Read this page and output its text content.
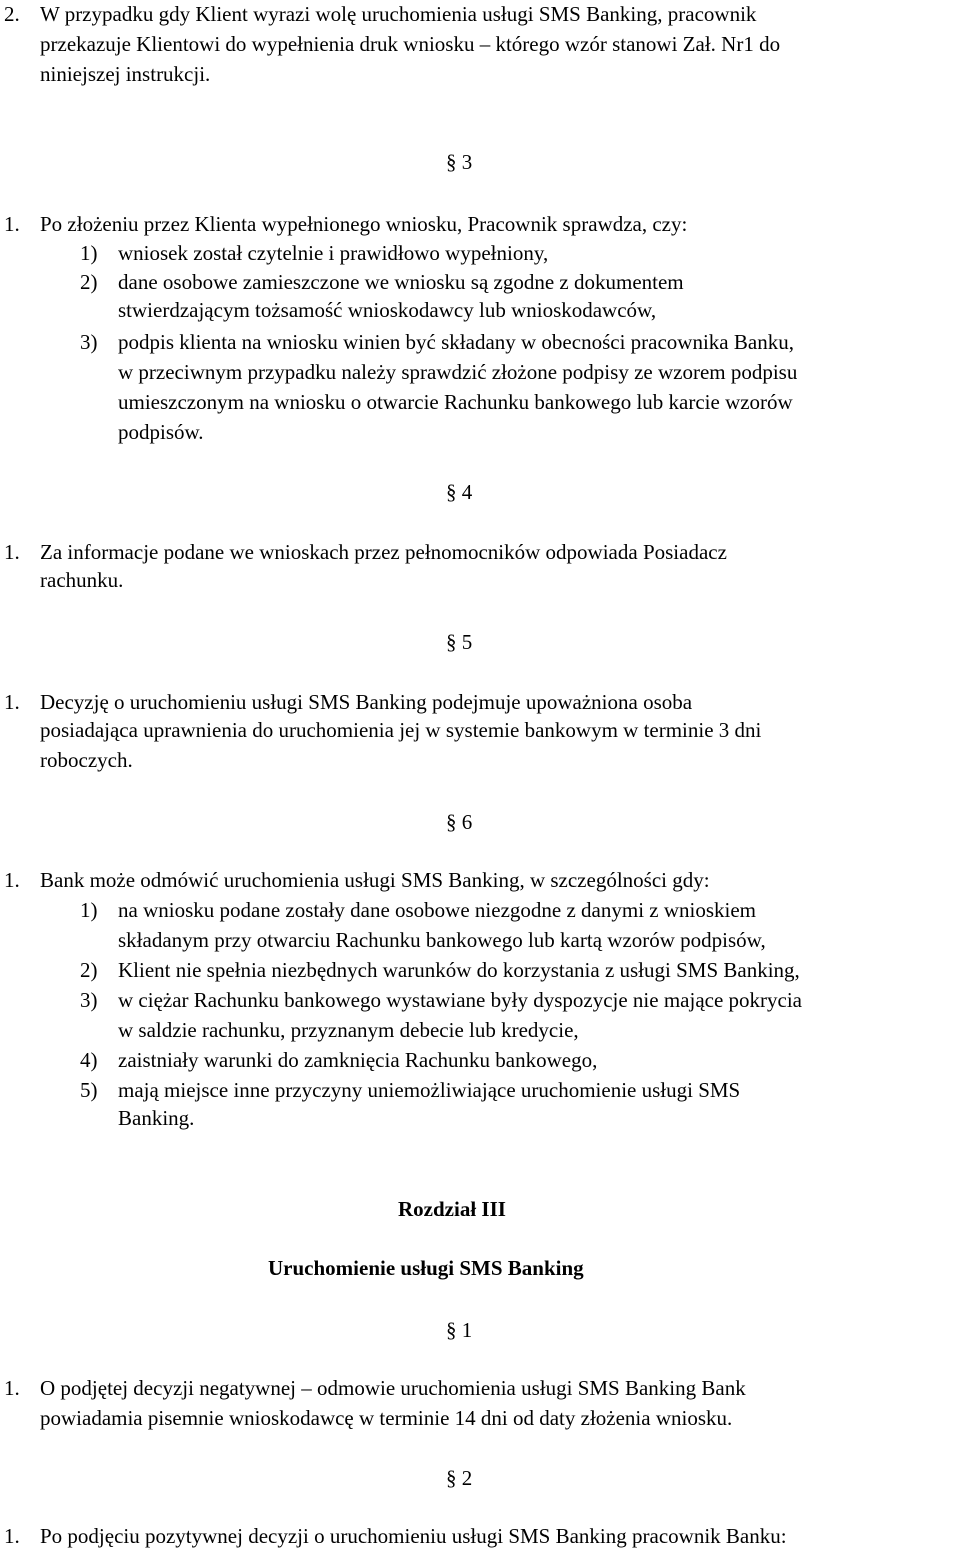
2. W przypadku gdy Klient wyrazi wolę uruchomienia usługi SMS Banking, pracownik
przekazuje Klientowi do wypełnienia druk wniosku – którego wzór stanowi Zał. Nr1 do
niniejszej instrukcji.
§ 3
1. Po złożeniu przez Klienta wypełnionego wniosku, Pracownik sprawdza, czy:
1) wniosek został czytelnie i prawidłowo wypełniony,
2) dane osobowe zamieszczone we wniosku są zgodne z dokumentem
stwierdzającym tożsamość wnioskodawcy lub wnioskodawców,
3) podpis klienta na wniosku winien być składany w obecności pracownika Banku,
w przeciwnym przypadku należy sprawdzić złożone podpisy ze wzorem podpisu
umieszczonym na wniosku o otwarcie Rachunku bankowego lub karcie wzorów
podpisów.
§ 4
1. Za informacje podane we wnioskach przez pełnomocników odpowiada Posiadacz
rachunku.
§ 5
1. Decyzję o uruchomieniu usługi SMS Banking podejmuje upoważniona osoba
posiadająca uprawnienia do uruchomienia jej w systemie bankowym w terminie 3 dni
roboczych.
§ 6
1. Bank może odmówić uruchomienia usługi SMS Banking, w szczególności gdy:
1) na wniosku podane zostały dane osobowe niezgodne z danymi z wnioskiem
składanym przy otwarciu Rachunku bankowego lub kartą wzorów podpisów,
2) Klient nie spełnia niezbędnych warunków do korzystania z usługi SMS Banking,
3) w ciężar Rachunku bankowego wystawiane były dyspozycje nie mające pokrycia
w saldzie rachunku, przyznanym debecie lub kredycie,
4) zaistniały warunki do zamknięcia Rachunku bankowego,
5) mają miejsce inne przyczyny uniemożliwiające uruchomienie usługi SMS
Banking.
Rozdział III
Uruchomienie usługi SMS Banking
§ 1
1. O podjętej decyzji negatywnej – odmowie uruchomienia usługi SMS Banking Bank
powiadamia pisemnie wnioskodawcę w terminie 14 dni od daty złożenia wniosku.
§ 2
1. Po podjęciu pozytywnej decyzji o uruchomieniu usługi SMS Banking pracownik Banku:
